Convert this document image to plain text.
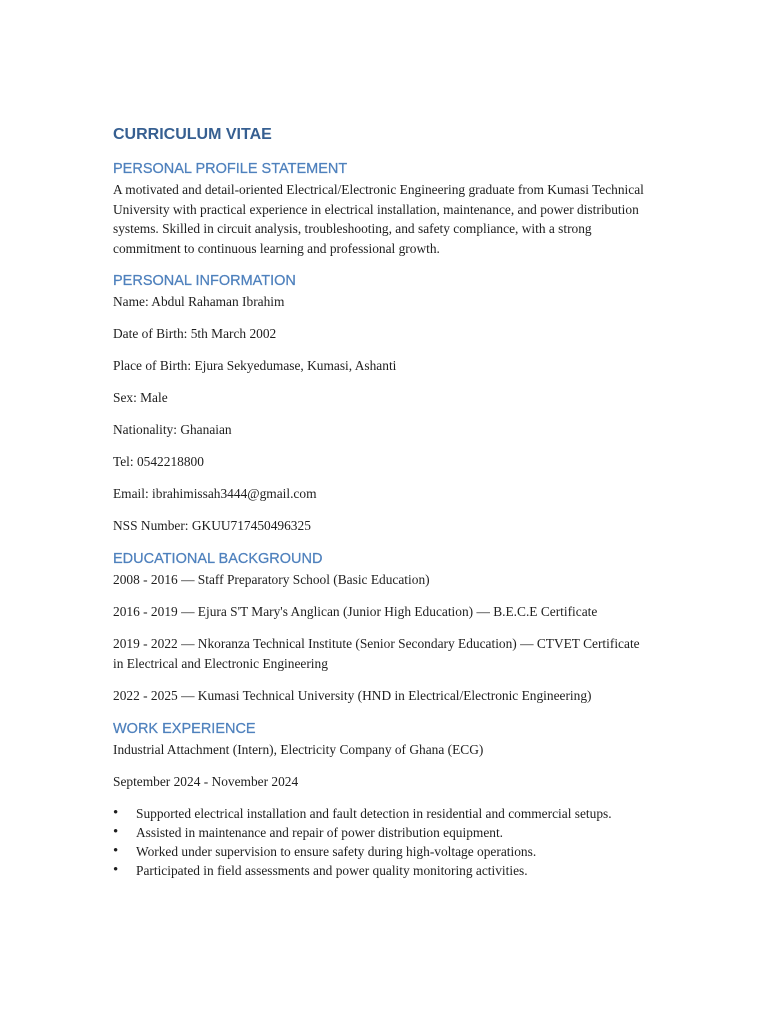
CURRICULUM VITAE
PERSONAL PROFILE STATEMENT

A motivated and detail-oriented Electrical/Electronic Engineering graduate from Kumasi Technical University with practical experience in electrical installation, maintenance, and power distribution systems. Skilled in circuit analysis, troubleshooting, and safety compliance, with a strong commitment to continuous learning and professional growth.

PERSONAL INFORMATION

Name: Abdul Rahaman Ibrahim

Date of Birth: 5th March 2002

Place of Birth: Ejura Sekyedumase, Kumasi, Ashanti

Sex: Male

Nationality: Ghanaian

Tel: 0542218800

Email: ibrahimissah3444@gmail.com

NSS Number: GKUU717450496325

EDUCATIONAL BACKGROUND

2008 - 2016 — Staff Preparatory School (Basic Education)

2016 - 2019 — Ejura S'T Mary's Anglican (Junior High Education) — B.E.C.E Certificate

2019 - 2022 — Nkoranza Technical Institute (Senior Secondary Education) — CTVET Certificate in Electrical and Electronic Engineering

2022 - 2025 — Kumasi Technical University (HND in Electrical/Electronic Engineering)

WORK EXPERIENCE

Industrial Attachment (Intern), Electricity Company of Ghana (ECG)

September 2024 - November 2024

• Supported electrical installation and fault detection in residential and commercial setups.
• Assisted in maintenance and repair of power distribution equipment.
• Worked under supervision to ensure safety during high-voltage operations.
• Participated in field assessments and power quality monitoring activities.
